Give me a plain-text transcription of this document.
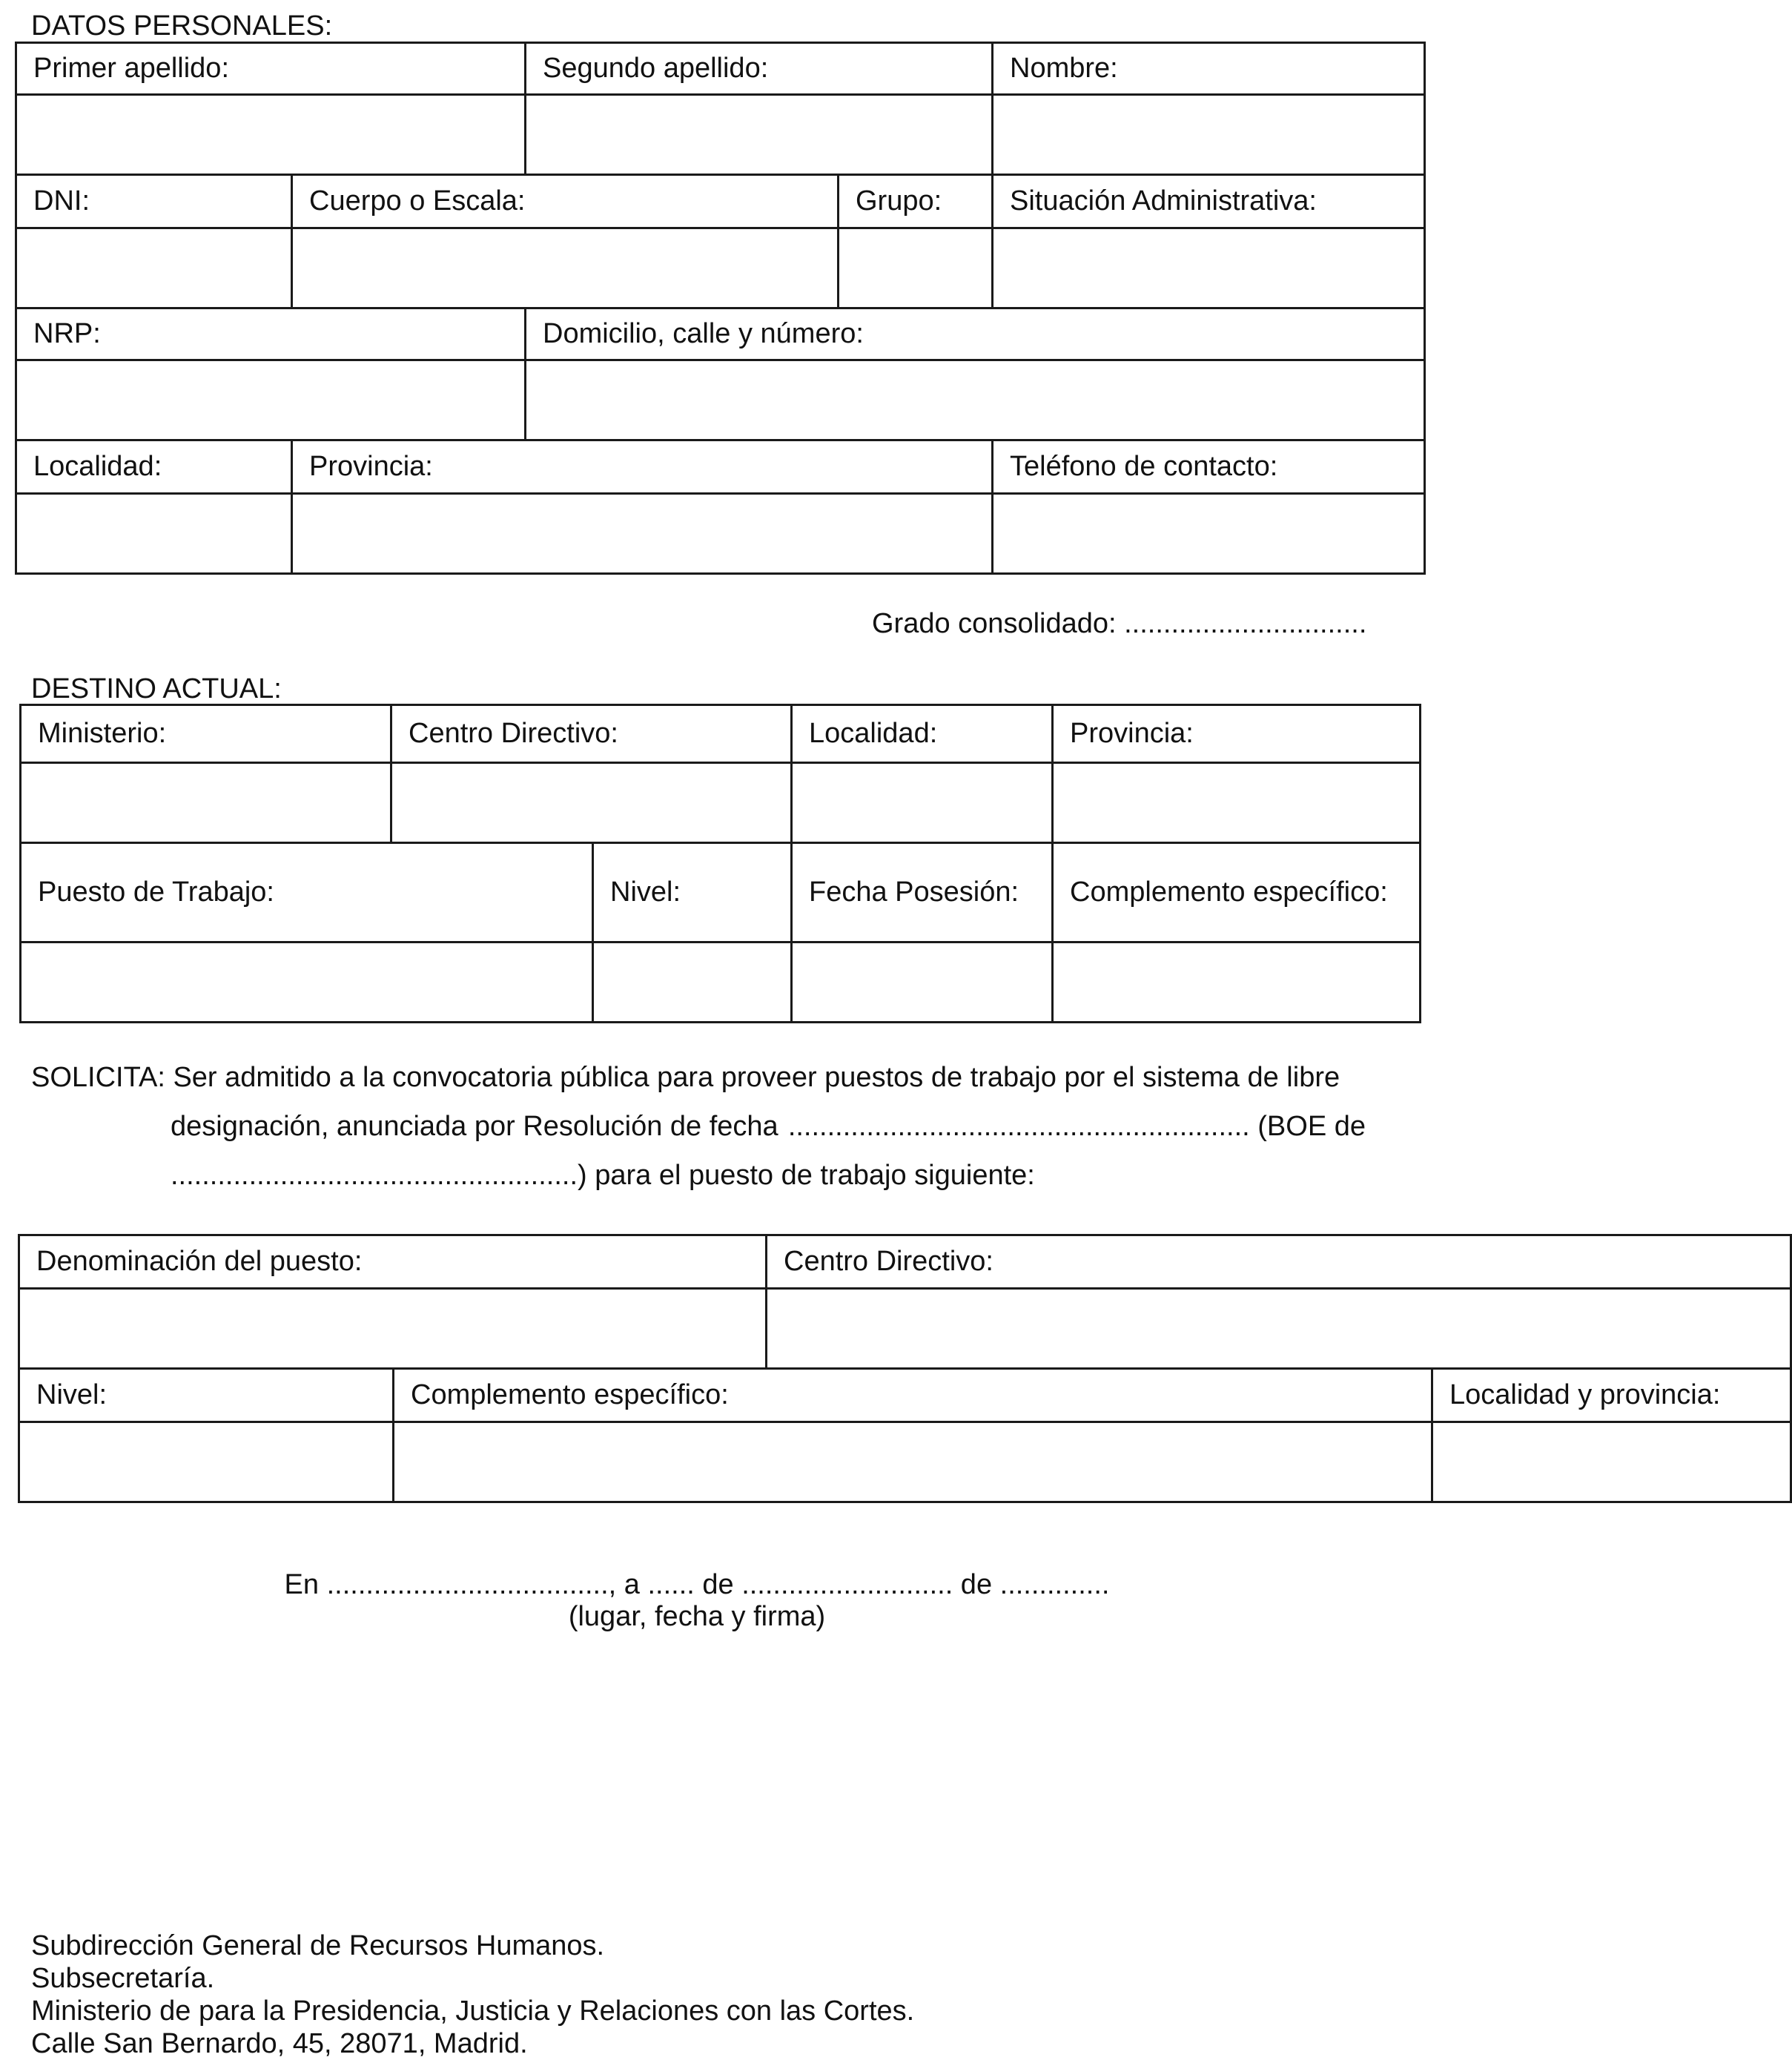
DATOS PERSONALES:
Primer apellido:		Segundo apellido:		Nombre:

DNI:	Cuerpo o Escala:		Grupo:	Situación Administrativa:

NRP:		Domicilio, calle y número:		

Localidad:	Provincia:			Teléfono de contacto:

Grado consolidado: ...............................
DESTINO ACTUAL:
Ministerio:	Centro Directivo:		Localidad:	Provincia:

Puesto de Trabajo:		Nivel:	Fecha Posesión:	Complemento específico:

SOLICITA: Ser admitido a la convocatoria pública para proveer puestos de trabajo por el sistema de libre
designación, anunciada por Resolución de fecha ........................................................... (BOE de
....................................................) para el puesto de trabajo siguiente:
Denominación del puesto:		Centro Directivo:	

Nivel:	Complemento específico:		Localidad y provincia:

En ...................................., a ...... de ........................... de ..............
(lugar, fecha y firma)
Subdirección General de Recursos Humanos.
Subsecretaría.
Ministerio de para la Presidencia, Justicia y Relaciones con las Cortes.
Calle San Bernardo, 45, 28071, Madrid.
